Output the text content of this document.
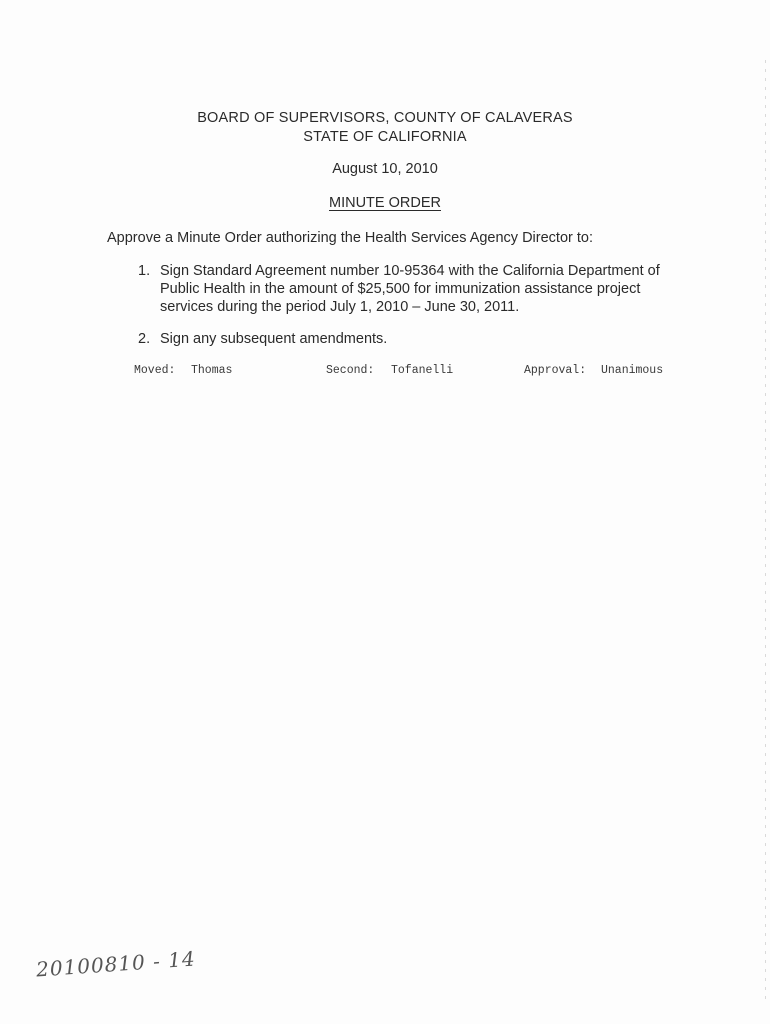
BOARD OF SUPERVISORS, COUNTY OF CALAVERAS
STATE OF CALIFORNIA
August 10, 2010
MINUTE ORDER
Approve a Minute Order authorizing the Health Services Agency Director to:
1. Sign Standard Agreement number 10-95364 with the California Department of
Public Health in the amount of $25,500 for immunization assistance project
services during the period July 1, 2010 – June 30, 2011.
2. Sign any subsequent amendments.
Moved: Thomas	Second: Tofanelli	Approval: Unanimous
20100810 - 14
